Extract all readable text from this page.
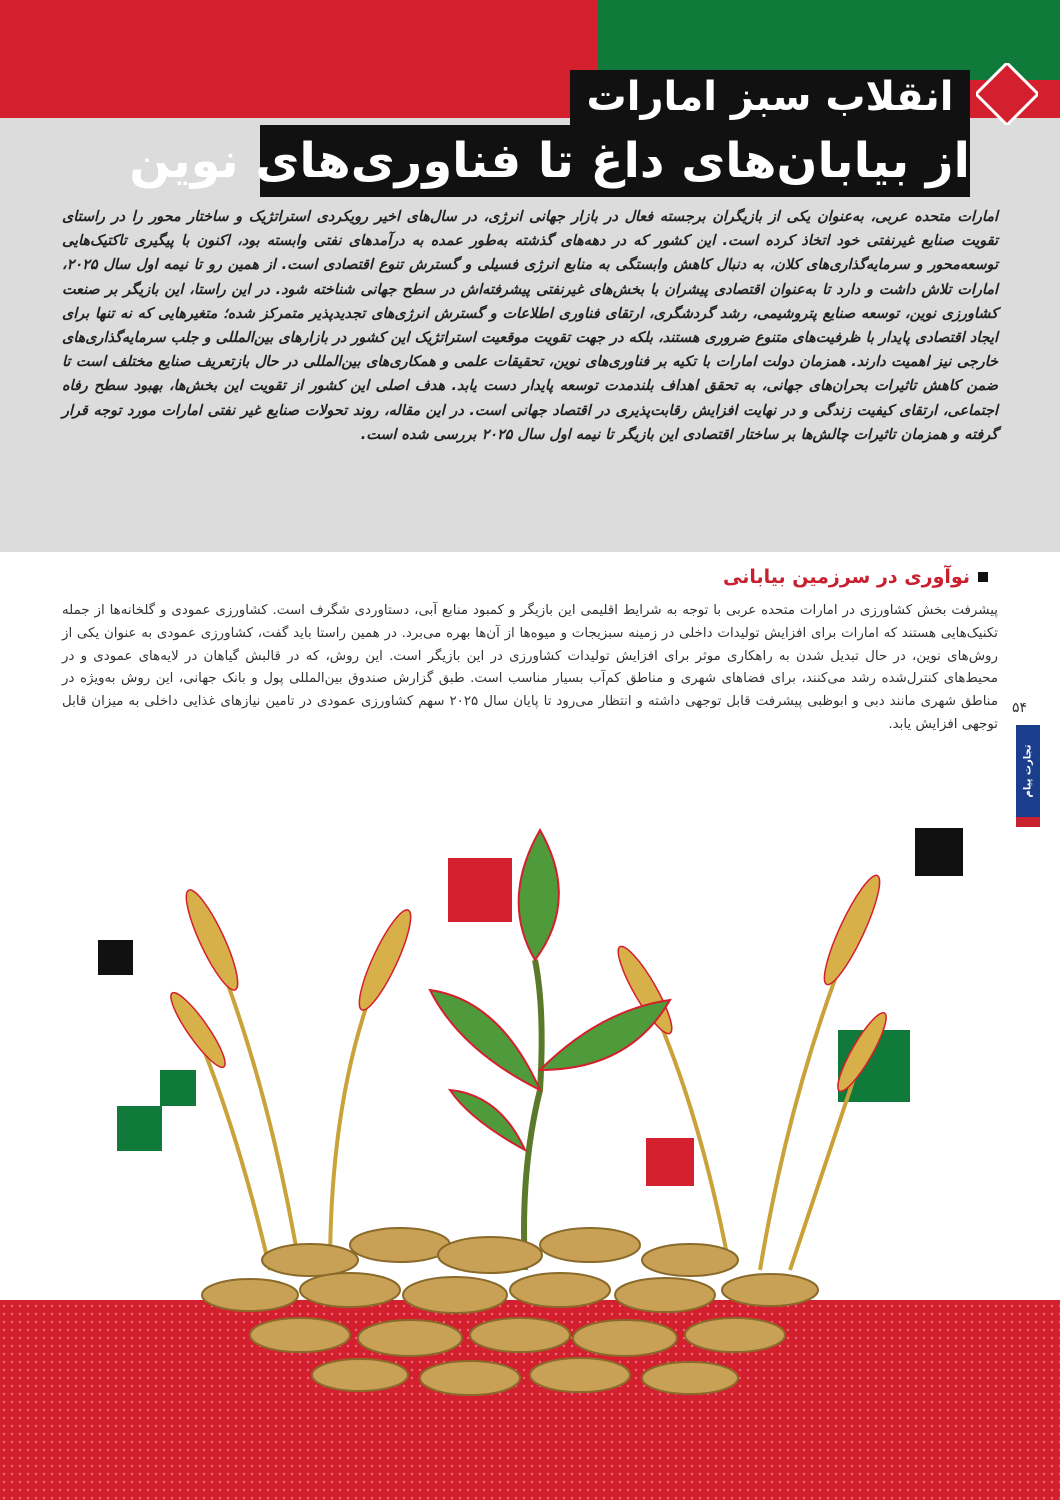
انقلاب سبز امارات
از بیابان‌های داغ تا فناوری‌های نوین
امارات متحده عربی، به‌عنوان یکی از بازیگران برجسته فعال در بازار جهانی انرژی، در سال‌های اخیر رویکردی استراتژیک و ساختار محور را در راستای تقویت صنایع غیرنفتی خود اتخاذ کرده است. این کشور که در دهه‌های گذشته به‌طور عمده به درآمدهای نفتی وابسته بود، اکنون با پیگیری تاکتیک‌هایی توسعه‌محور و سرمایه‌گذاری‌های کلان، به دنبال کاهش وابستگی به منابع انرژی فسیلی و گسترش تنوع اقتصادی است. از همین رو تا نیمه اول سال ۲۰۲۵، امارات تلاش داشت و دارد تا به‌عنوان اقتصادی پیشران با بخش‌های غیرنفتی پیشرفته‌اش در سطح جهانی شناخته شود. در این راستا، این بازیگر بر صنعت کشاورزی نوین، توسعه صنایع پتروشیمی، رشد گردشگری، ارتقای فناوری اطلاعات و گسترش انرژی‌های تجدیدپذیر متمرکز شده؛ متغیرهایی که نه تنها برای ایجاد اقتصادی پایدار با ظرفیت‌های متنوع ضروری هستند، بلکه در جهت تقویت موقعیت استراتژیک این کشور در بازارهای بین‌المللی و جلب سرمایه‌گذاری‌های خارجی نیز اهمیت دارند. همزمان دولت امارات با تکیه بر فناوری‌های نوین، تحقیقات علمی و همکاری‌های بین‌المللی در حال بازتعریف صنایع مختلف است تا ضمن کاهش تاثیرات بحران‌های جهانی، به تحقق اهداف بلندمدت توسعه پایدار دست یابد. هدف اصلی این کشور از تقویت این بخش‌ها، بهبود سطح رفاه اجتماعی، ارتقای کیفیت زندگی و در نهایت افزایش رقابت‌پذیری در اقتصاد جهانی است. در این مقاله، روند تحولات صنایع غیر نفتی امارات مورد توجه قرار گرفته و همزمان تاثیرات چالش‌ها بر ساختار اقتصادی این بازیگر تا نیمه اول سال ۲۰۲۵ بررسی شده است.
نوآوری در سرزمین بیابانی
پیشرفت بخش کشاورزی در امارات متحده عربی با توجه به شرایط اقلیمی این بازیگر و کمبود منابع آبی، دستاوردی شگرف است. کشاورزی عمودی و گلخانه‌ها از جمله تکنیک‌هایی هستند که امارات برای افزایش تولیدات داخلی در زمینه سبزیجات و میوه‌ها از آن‌ها بهره می‌برد. در همین راستا باید گفت، کشاورزی عمودی به عنوان یکی از روش‌های نوین، در حال تبدیل شدن به راهکاری موثر برای افزایش تولیدات کشاورزی در این بازیگر است. این روش، که در قالبش گیاهان در لایه‌های عمودی و در محیط‌های کنترل‌شده رشد می‌کنند، برای فضاهای شهری و مناطق کم‌آب بسیار مناسب است. طبق گزارش صندوق بین‌المللی پول و بانک جهانی، این روش به‌ویژه در مناطق شهری مانند دبی و ابوظبی پیشرفت قابل توجهی داشته و انتظار می‌رود تا پایان سال ۲۰۲۵ سهم کشاورزی عمودی در تامین نیازهای غذایی داخلی به میزان قابل توجهی افزایش یابد.
۵۴
تجارت پیام
